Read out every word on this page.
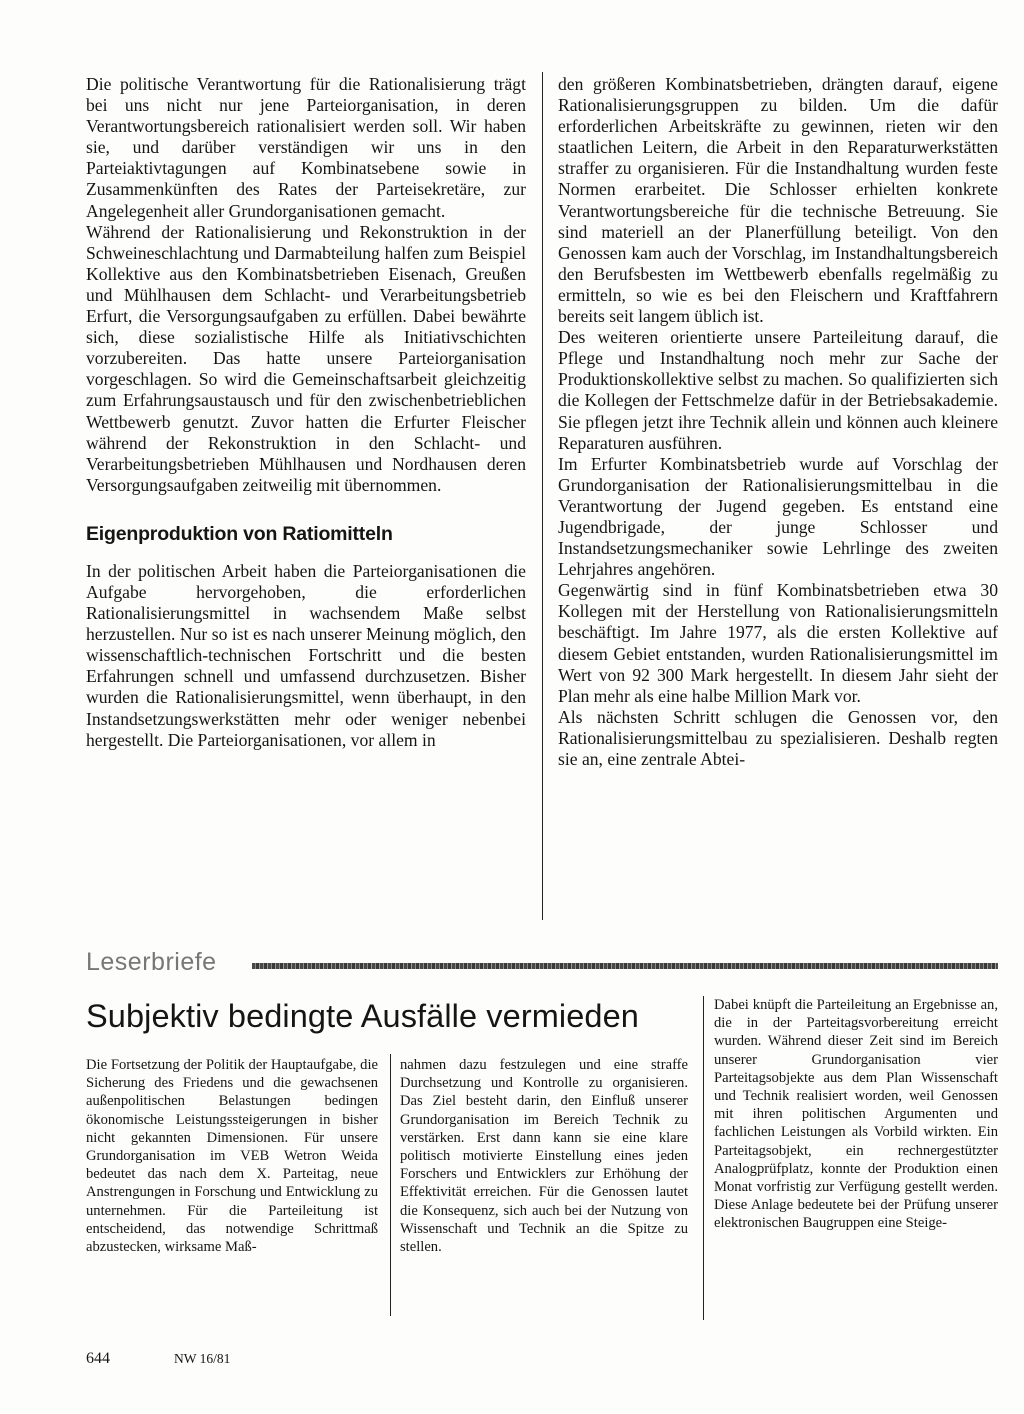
Die politische Verantwortung für die Rationalisierung trägt bei uns nicht nur jene Parteiorganisation, in deren Verantwortungsbereich rationalisiert werden soll. Wir haben sie, und darüber verständigen wir uns in den Parteiaktivtagungen auf Kombinatsebene sowie in Zusammenkünften des Rates der Parteisekretäre, zur Angelegenheit aller Grundorganisationen gemacht.

Während der Rationalisierung und Rekonstruktion in der Schweineschlachtung und Darmabteilung halfen zum Beispiel Kollektive aus den Kombinatsbetrieben Eisenach, Greußen und Mühlhausen dem Schlacht- und Verarbeitungsbetrieb Erfurt, die Versorgungsaufgaben zu erfüllen. Dabei bewährte sich, diese sozialistische Hilfe als Initiativschichten vorzubereiten. Das hatte unsere Parteiorganisation vorgeschlagen. So wird die Gemeinschaftsarbeit gleichzeitig zum Erfahrungsaustausch und für den zwischenbetrieblichen Wettbewerb genutzt. Zuvor hatten die Erfurter Fleischer während der Rekonstruktion in den Schlacht- und Verarbeitungsbetrieben Mühlhausen und Nordhausen deren Versorgungsaufgaben zeitweilig mit übernommen.

Eigenproduktion von Ratiomitteln

In der politischen Arbeit haben die Parteiorganisationen die Aufgabe hervorgehoben, die erforderlichen Rationalisierungsmittel in wachsendem Maße selbst herzustellen. Nur so ist es nach unserer Meinung möglich, den wissenschaftlich-technischen Fortschritt und die besten Erfahrungen schnell und umfassend durchzusetzen. Bisher wurden die Rationalisierungsmittel, wenn überhaupt, in den Instandsetzungswerkstätten mehr oder weniger nebenbei hergestellt. Die Parteiorganisationen, vor allem in

den größeren Kombinatsbetrieben, drängten darauf, eigene Rationalisierungsgruppen zu bilden. Um die dafür erforderlichen Arbeitskräfte zu gewinnen, rieten wir den staatlichen Leitern, die Arbeit in den Reparaturwerkstätten straffer zu organisieren. Für die Instandhaltung wurden feste Normen erarbeitet. Die Schlosser erhielten konkrete Verantwortungsbereiche für die technische Betreuung. Sie sind materiell an der Planerfüllung beteiligt. Von den Genossen kam auch der Vorschlag, im Instandhaltungsbereich den Berufsbesten im Wettbewerb ebenfalls regelmäßig zu ermitteln, so wie es bei den Fleischern und Kraftfahrern bereits seit langem üblich ist.

Des weiteren orientierte unsere Parteileitung darauf, die Pflege und Instandhaltung noch mehr zur Sache der Produktionskollektive selbst zu machen. So qualifizierten sich die Kollegen der Fettschmelze dafür in der Betriebsakademie. Sie pflegen jetzt ihre Technik allein und können auch kleinere Reparaturen ausführen.

Im Erfurter Kombinatsbetrieb wurde auf Vorschlag der Grundorganisation der Rationalisierungsmittelbau in die Verantwortung der Jugend gegeben. Es entstand eine Jugendbrigade, der junge Schlosser und Instandsetzungsmechaniker sowie Lehrlinge des zweiten Lehrjahres angehören.

Gegenwärtig sind in fünf Kombinatsbetrieben etwa 30 Kollegen mit der Herstellung von Rationalisierungsmitteln beschäftigt. Im Jahre 1977, als die ersten Kollektive auf diesem Gebiet entstanden, wurden Rationalisierungsmittel im Wert von 92 300 Mark hergestellt. In diesem Jahr sieht der Plan mehr als eine halbe Million Mark vor.

Als nächsten Schritt schlugen die Genossen vor, den Rationalisierungsmittelbau zu spezialisieren. Deshalb regten sie an, eine zentrale Abtei-

Leserbriefe
Subjektiv bedingte Ausfälle vermieden

Die Fortsetzung der Politik der Hauptaufgabe, die Sicherung des Friedens und die gewachsenen außenpolitischen Belastungen bedingen ökonomische Leistungssteigerungen in bisher nicht gekannten Dimensionen. Für unsere Grundorganisation im VEB Wetron Weida bedeutet das nach dem X. Parteitag, neue Anstrengungen in Forschung und Entwicklung zu unternehmen. Für die Parteileitung ist entscheidend, das notwendige Schrittmaß abzustecken, wirksame Maß-

nahmen dazu festzulegen und eine straffe Durchsetzung und Kontrolle zu organisieren. Das Ziel besteht darin, den Einfluß unserer Grundorganisation im Bereich Technik zu verstärken. Erst dann kann sie eine klare politisch motivierte Einstellung eines jeden Forschers und Entwicklers zur Erhöhung der Effektivität erreichen. Für die Genossen lautet die Konsequenz, sich auch bei der Nutzung von Wissenschaft und Technik an die Spitze zu stellen.

Dabei knüpft die Parteileitung an Ergebnisse an, die in der Parteitagsvorbereitung erreicht wurden. Während dieser Zeit sind im Bereich unserer Grundorganisation vier Parteitagsobjekte aus dem Plan Wissenschaft und Technik realisiert worden, weil Genossen mit ihren politischen Argumenten und fachlichen Leistungen als Vorbild wirkten. Ein Parteitagsobjekt, ein rechnergestützter Analogprüfplatz, konnte der Produktion einen Monat vorfristig zur Verfügung gestellt werden. Diese Anlage bedeutete bei der Prüfung unserer elektronischen Baugruppen eine Steige-

644	NW 16/81
